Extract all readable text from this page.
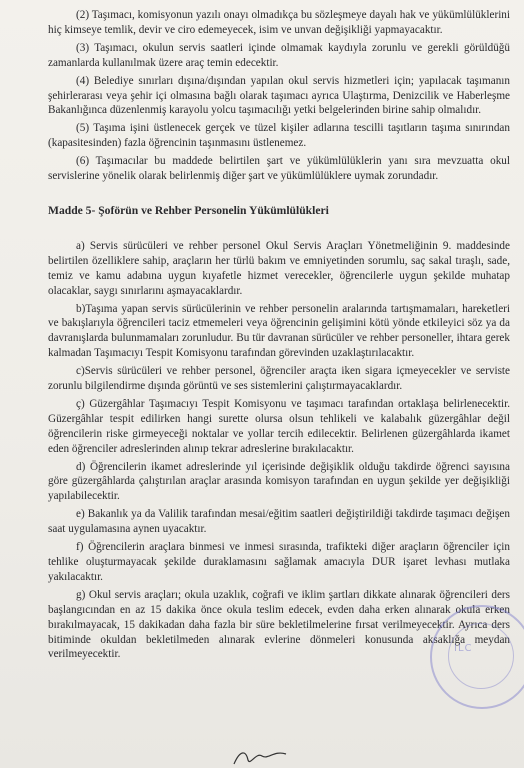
(2) Taşımacı, komisyonun yazılı onayı olmadıkça bu sözleşmeye dayalı hak ve yükümlülüklerini hiç kimseye temlik, devir ve ciro edemeyecek, isim ve unvan değişikliği yapmayacaktır.

(3) Taşımacı, okulun servis saatleri içinde olmamak kaydıyla zorunlu ve gerekli görüldüğü zamanlarda kullanılmak üzere araç temin edecektir.

(4) Belediye sınırları dışına/dışından yapılan okul servis hizmetleri için; yapılacak taşımanın şehirlerarası veya şehir içi olmasına bağlı olarak taşımacı ayrıca Ulaştırma, Denizcilik ve Haberleşme Bakanlığınca düzenlenmiş karayolu yolcu taşımacılığı yetki belgelerinden birine sahip olmalıdır.

(5) Taşıma işini üstlenecek gerçek ve tüzel kişiler adlarına tescilli taşıtların taşıma sınırından (kapasitesinden) fazla öğrencinin taşınmasını üstlenemez.

(6) Taşımacılar bu maddede belirtilen şart ve yükümlülüklerin yanı sıra mevzuatta okul servislerine yönelik olarak belirlenmiş diğer şart ve yükümlülüklere uymak zorundadır.

Madde 5- Şoförün ve Rehber Personelin Yükümlülükleri

a) Servis sürücüleri ve rehber personel Okul Servis Araçları Yönetmeliğinin 9. maddesinde belirtilen özelliklere sahip, araçların her türlü bakım ve emniyetinden sorumlu, saç sakal tıraşlı, sade, temiz ve kamu adabına uygun kıyafetle hizmet verecekler, öğrencilerle uygun şekilde muhatap olacaklar, saygı sınırlarını aşmayacaklardır.

b)Taşıma yapan servis sürücülerinin ve rehber personelin aralarında tartışmamaları, hareketleri ve bakışlarıyla öğrencileri taciz etmemeleri veya öğrencinin gelişimini kötü yönde etkileyici söz ya da davranışlarda bulunmamaları zorunludur. Bu tür davranan sürücüler ve rehber personeller, ihtara gerek kalmadan Taşımacıyı Tespit Komisyonu tarafından görevinden uzaklaştırılacaktır.

c)Servis sürücüleri ve rehber personel, öğrenciler araçta iken sigara içmeyecekler ve serviste zorunlu bilgilendirme dışında görüntü ve ses sistemlerini çalıştırmayacaklardır.

ç) Güzergâhlar Taşımacıyı Tespit Komisyonu ve taşımacı tarafından ortaklaşa belirlenecektir. Güzergâhlar tespit edilirken hangi surette olursa olsun tehlikeli ve kalabalık güzergâhlar değil öğrencilerin riske girmeyeceği noktalar ve yollar tercih edilecektir. Belirlenen güzergâhlarda ikamet eden öğrenciler adreslerinden alınıp tekrar adreslerine bırakılacaktır.

d) Öğrencilerin ikamet adreslerinde yıl içerisinde değişiklik olduğu takdirde öğrenci sayısına göre güzergâhlarda çalıştırılan araçlar arasında komisyon tarafından en uygun şekilde yer değişikliği yapılabilecektir.

e) Bakanlık ya da Valilik tarafından mesai/eğitim saatleri değiştirildiği takdirde taşımacı değişen saat uygulamasına aynen uyacaktır.

f) Öğrencilerin araçlara binmesi ve inmesi sırasında, trafikteki diğer araçların öğrenciler için tehlike oluşturmayacak şekilde duraklamasını sağlamak amacıyla DUR işaret levhası mutlaka yakılacaktır.

g) Okul servis araçları; okula uzaklık, coğrafi ve iklim şartları dikkate alınarak öğrencileri ders başlangıcından en az 15 dakika önce okula teslim edecek, evden daha erken alınarak okula erken bırakılmayacak, 15 dakikadan daha fazla bir süre bekletilmelerine fırsat verilmeyecektir. Ayrıca ders bitiminde okuldan bekletilmeden alınarak evlerine dönmeleri konusunda aksaklığa meydan verilmeyecektir.	ILC
